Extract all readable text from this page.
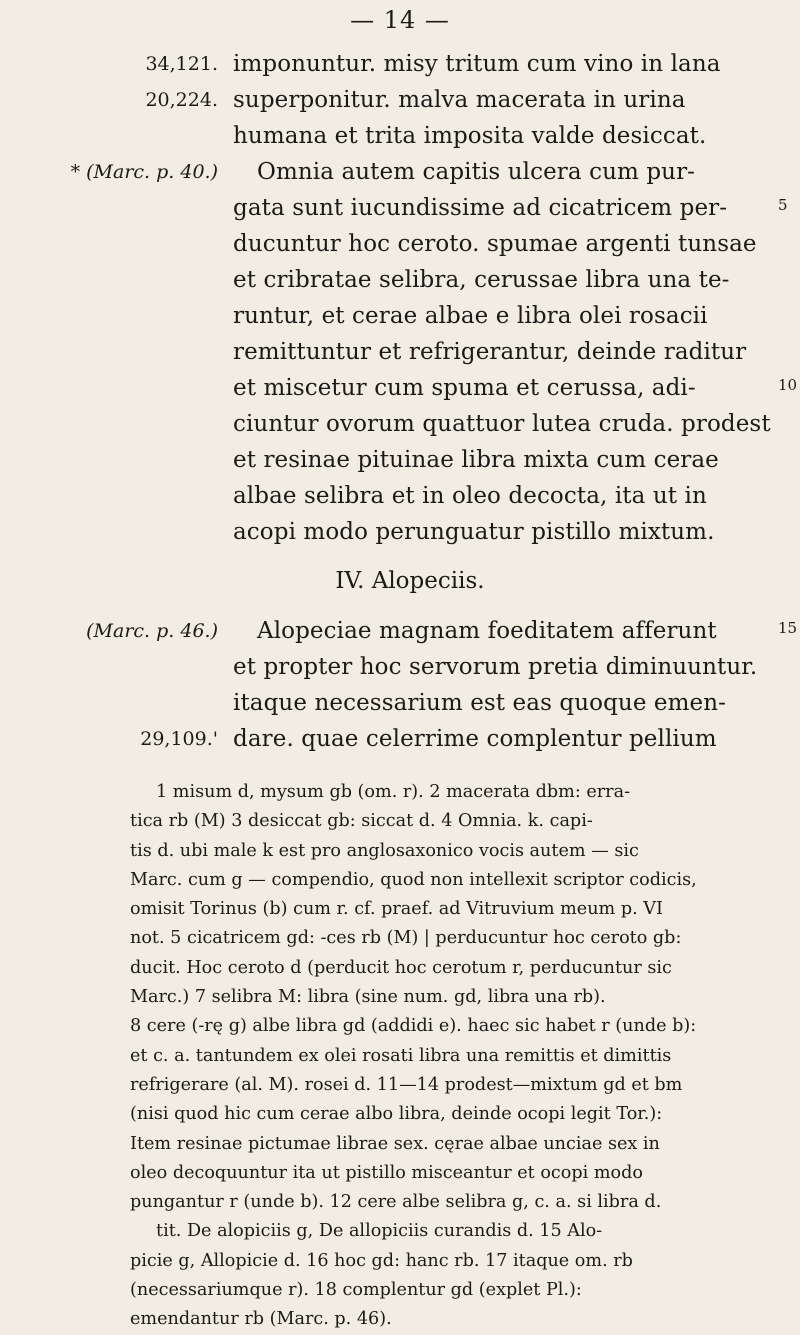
— 14 —
34,121. imponuntur. misy tritum cum vino in lana
20,224. superponitur. malva macerata in urina
humana et trita imposita valde desiccat.
* (Marc. p. 40.) Omnia autem capitis ulcera cum pur-
gata sunt iucundissime ad cicatricem per-	5
ducuntur hoc ceroto. spumae argenti tunsae
et cribratae selibra, cerussae libra una te-
runtur, et cerae albae e libra olei rosacii
remittuntur et refrigerantur, deinde raditur
et miscetur cum spuma et cerussa, adi-	10
ciuntur ovorum quattuor lutea cruda. prodest
et resinae pituinae libra mixta cum cerae
albae selibra et in oleo decocta, ita ut in
acopi modo perunguatur pistillo mixtum.
IV. Alopeciis.
(Marc. p. 46.) Alopeciae magnam foeditatem afferunt	15
et propter hoc servorum pretia diminuuntur.
itaque necessarium est eas quoque emen-
29,109.' dare. quae celerrime complentur pellium
1 misum d, mysum gb (om. r). 2 macerata dbm: erra-
tica rb (M) 3 desiccat gb: siccat d. 4 Omnia. k. capi-
tis d. ubi male k est pro anglosaxonico vocis autem — sic
Marc. cum g — compendio, quod non intellexit scriptor codicis,
omisit Torinus (b) cum r. cf. praef. ad Vitruvium meum p. VI
not. 5 cicatricem gd: -ces rb (M) | perducuntur hoc ceroto gb:
ducit. Hoc ceroto d (perducit hoc cerotum r, perducuntur sic
Marc.) 7 selibra M: libra (sine num. gd, libra una rb).
8 cere (-rę g) albe libra gd (addidi e). haec sic habet r (unde b):
et c. a. tantundem ex olei rosati libra una remittis et dimittis
refrigerare (al. M). rosei d. 11—14 prodest—mixtum gd et bm
(nisi quod hic cum cerae albo libra, deinde ocopi legit Tor.):
Item resinae pictumae librae sex. cęrae albae unciae sex in
oleo decoquuntur ita ut pistillo misceantur et ocopi modo
pungantur r (unde b). 12 cere albe selibra g, c. a. si libra d.
tit. De alopiciis g, De allopiciis curandis d. 15 Alo-
picie g, Allopicie d. 16 hoc gd: hanc rb. 17 itaque om. rb
(necessariumque r). 18 complentur gd (explet Pl.):
emendantur rb (Marc. p. 46).
